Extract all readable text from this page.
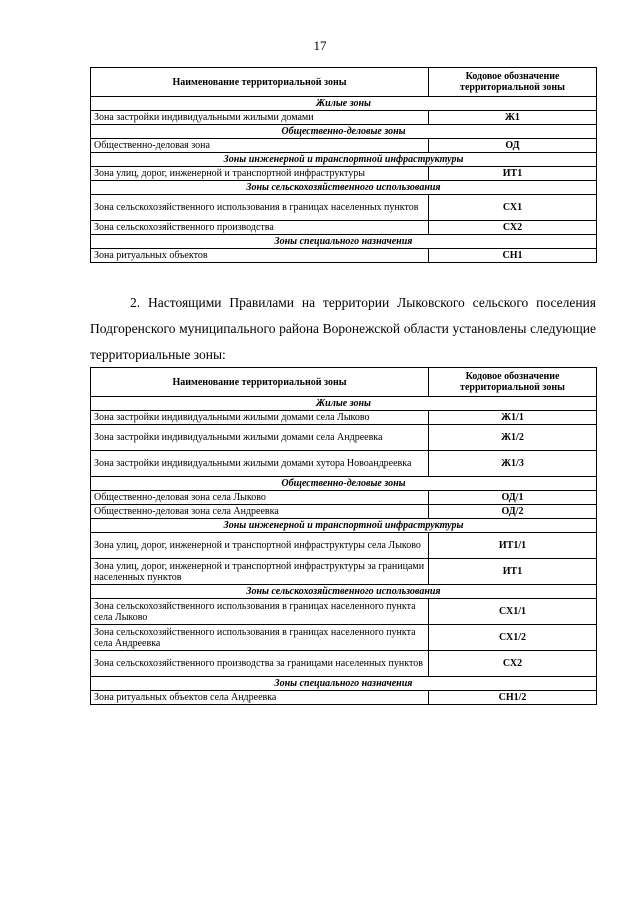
17
Наименование территориальной зоны	Кодовое обозначение территориальной зоны
Жилые зоны	
Зона застройки индивидуальными жилыми домами	Ж1
Общественно-деловые зоны	
Общественно-деловая зона	ОД
Зоны инженерной и транспортной инфраструктуры	
Зона улиц, дорог, инженерной и транспортной инфраструктуры	ИТ1
Зоны сельскохозяйственного использования	
Зона сельскохозяйственного использования в границах населенных пунктов	СХ1
Зона сельскохозяйственного производства	СХ2
Зоны специального назначения	
Зона ритуальных объектов	СН1
2. Настоящими Правилами на территории Лыковского сельского поселения Подгоренского муниципального района Воронежской области установлены следующие территориальные зоны:
Наименование территориальной зоны	Кодовое обозначение территориальной зоны
Жилые зоны	
Зона застройки индивидуальными жилыми домами села Лыково	Ж1/1
Зона застройки индивидуальными жилыми домами села Андреевка	Ж1/2
Зона застройки индивидуальными жилыми домами хутора Новоандреевка	Ж1/3
Общественно-деловые зоны	
Общественно-деловая зона села Лыково	ОД/1
Общественно-деловая зона села Андреевка	ОД/2
Зоны инженерной и транспортной инфраструктуры	
Зона улиц, дорог, инженерной и транспортной инфраструктуры села Лыково	ИТ1/1
Зона улиц, дорог, инженерной и транспортной инфраструктуры за границами населенных пунктов	ИТ1
Зоны сельскохозяйственного использования	
Зона сельскохозяйственного использования в границах населенного пункта села Лыково	СХ1/1
Зона сельскохозяйственного использования в границах населенного пункта села Андреевка	СХ1/2
Зона сельскохозяйственного производства за границами населенных пунктов	СХ2
Зоны специального назначения	
Зона ритуальных объектов села Андреевка	СН1/2
